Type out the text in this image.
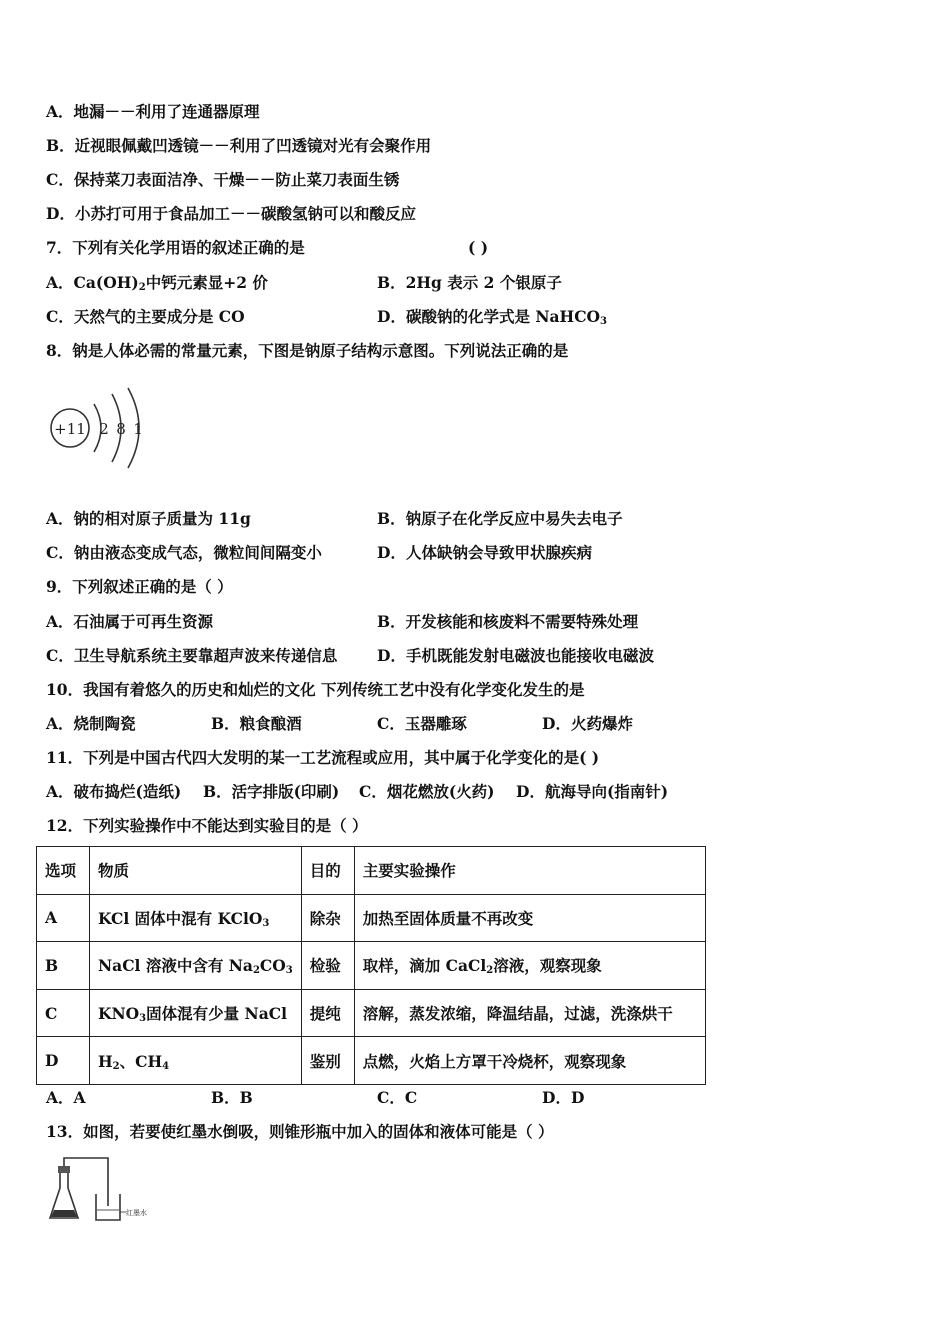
A．地漏－－利用了连通器原理
B．近视眼佩戴凹透镜－－利用了凹透镜对光有会聚作用
C．保持菜刀表面洁净、干燥－－防止菜刀表面生锈
D．小苏打可用于食品加工－－碳酸氢钠可以和酸反应
7．下列有关化学用语的叙述正确的是	( )
A．$Ca(OH)_2$中钙元素显+2 价	B．2Hg 表示 2 个银原子
C．天然气的主要成分是 CO	D．碳酸钠的化学式是 NaHCO$_3$
8．钠是人体必需的常量元素，下图是钠原子结构示意图。下列说法正确的是
+11 2 8 1
A．钠的相对原子质量为 11g	B．钠原子在化学反应中易失去电子
C．钠由液态变成气态，微粒间间隔变小	D．人体缺钠会导致甲状腺疾病
9．下列叙述正确的是（ ）
A．石油属于可再生资源	B．开发核能和核废料不需要特殊处理
C．卫生导航系统主要靠超声波来传递信息	D．手机既能发射电磁波也能接收电磁波
10．我国有着悠久的历史和灿烂的文化 下列传统工艺中没有化学变化发生的是
A．烧制陶瓷	B．粮食酿酒	C．玉器雕琢	D．火药爆炸
11．下列是中国古代四大发明的某一工艺流程或应用，其中属于化学变化的是( )
A．破布捣烂(造纸) B．活字排版(印刷) C．烟花燃放(火药) D．航海导向(指南针)
12．下列实验操作中不能达到实验目的是（ ）
选项	物质	目的	主要实验操作
A	KCl 固体中混有 KClO$_3$	除杂	加热至固体质量不再改变
B	NaCl 溶液中含有 $Na_2CO_3$	检验	取样，滴加 CaCl$_2$溶液，观察现象
C	$KNO_3$固体混有少量 NaCl	提纯	溶解，蒸发浓缩，降温结晶，过滤，洗涤烘干
D	$H_2$、$CH_4$	鉴别	点燃，火焰上方罩干冷烧杯，观察现象
A．A	B．B	C．C	D．D
13．如图，若要使红墨水倒吸，则锥形瓶中加入的固体和液体可能是（ ）
红墨水
